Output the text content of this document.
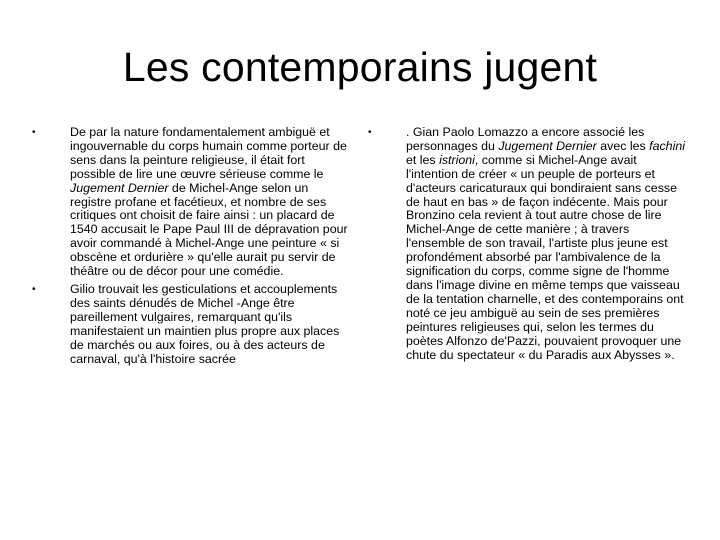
Les contemporains jugent
•	De par la nature fondamentalement ambiguë et ingouvernable du corps humain comme porteur de sens dans la peinture religieuse, il était fort possible de lire une œuvre sérieuse comme le Jugement Dernier de Michel-Ange selon un registre profane et facétieux, et nombre de ses critiques ont choisit de faire ainsi : un placard de 1540 accusait le Pape Paul III de dépravation pour avoir commandé à Michel-Ange une peinture « si obscène et ordurière » qu'elle aurait pu servir de théâtre ou de décor pour une comédie.
•	Gilio trouvait les gesticulations et accouplements des saints dénudés de Michel -Ange être pareillement vulgaires, remarquant qu'ils manifestaient un maintien plus propre aux places de marchés ou aux foires, ou à des acteurs de carnaval, qu'à l'histoire sacrée
•	. Gian Paolo Lomazzo a encore associé les personnages du Jugement Dernier avec les fachini et les istrioni, comme si Michel-Ange avait l'intention de créer « un peuple de porteurs et d'acteurs caricaturaux qui bondiraient sans cesse de haut en bas » de façon indécente. Mais pour Bronzino cela revient à tout autre chose de lire Michel-Ange de cette manière ; à travers l'ensemble de son travail, l'artiste plus jeune est profondément absorbé par l'ambivalence de la signification du corps, comme signe de l'homme dans l'image divine en même temps que vaisseau de la tentation charnelle, et des contemporains ont noté ce jeu ambiguë au sein de ses premières peintures religieuses qui, selon les termes du poètes Alfonzo de'Pazzi, pouvaient provoquer une chute du spectateur « du Paradis aux Abysses ».
